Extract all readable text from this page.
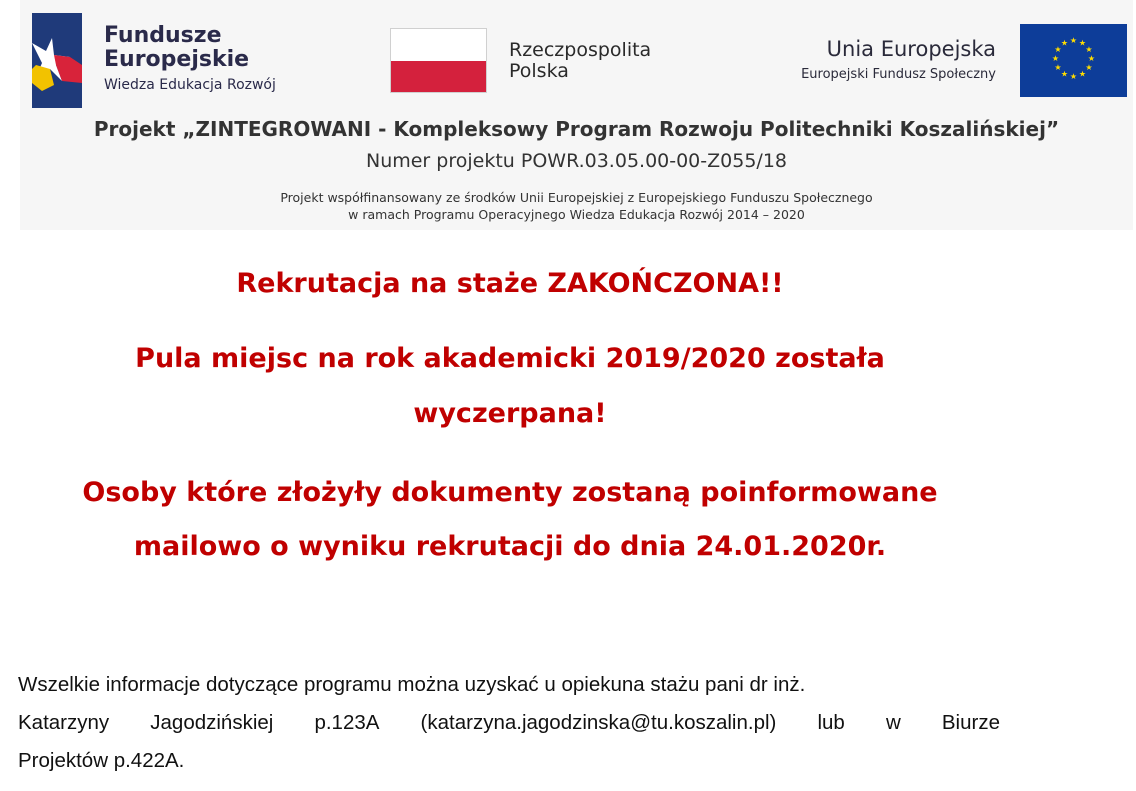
Fundusze
Europejskie
Wiedza Edukacja Rozwój
Rzeczpospolita
Polska
Unia Europejska
Europejski Fundusz Społeczny
★ ★
★
★
★
★
★
★
★
★
★
★
Projekt „ZINTEGROWANI - Kompleksowy Program Rozwoju Politechniki Koszalińskiej”
Numer projektu POWR.03.05.00-00-Z055/18
Projekt współfinansowany ze środków Unii Europejskiej z Europejskiego Funduszu Społecznego
w ramach Programu Operacyjnego Wiedza Edukacja Rozwój 2014 – 2020
Rekrutacja na staże ZAKOŃCZONA!!
Pula miejsc na rok akademicki 2019/2020 została
wyczerpana!
Osoby które złożyły dokumenty zostaną poinformowane
mailowo o wyniku rekrutacji do dnia 24.01.2020r.
Wszelkie informacje dotyczące programu można uzyskać u opiekuna stażu pani dr inż.
Katarzyny Jagodzińskiej p.123A (katarzyna.jagodzinska@tu.koszalin.pl) lub w Biurze
Projektów p.422A.
